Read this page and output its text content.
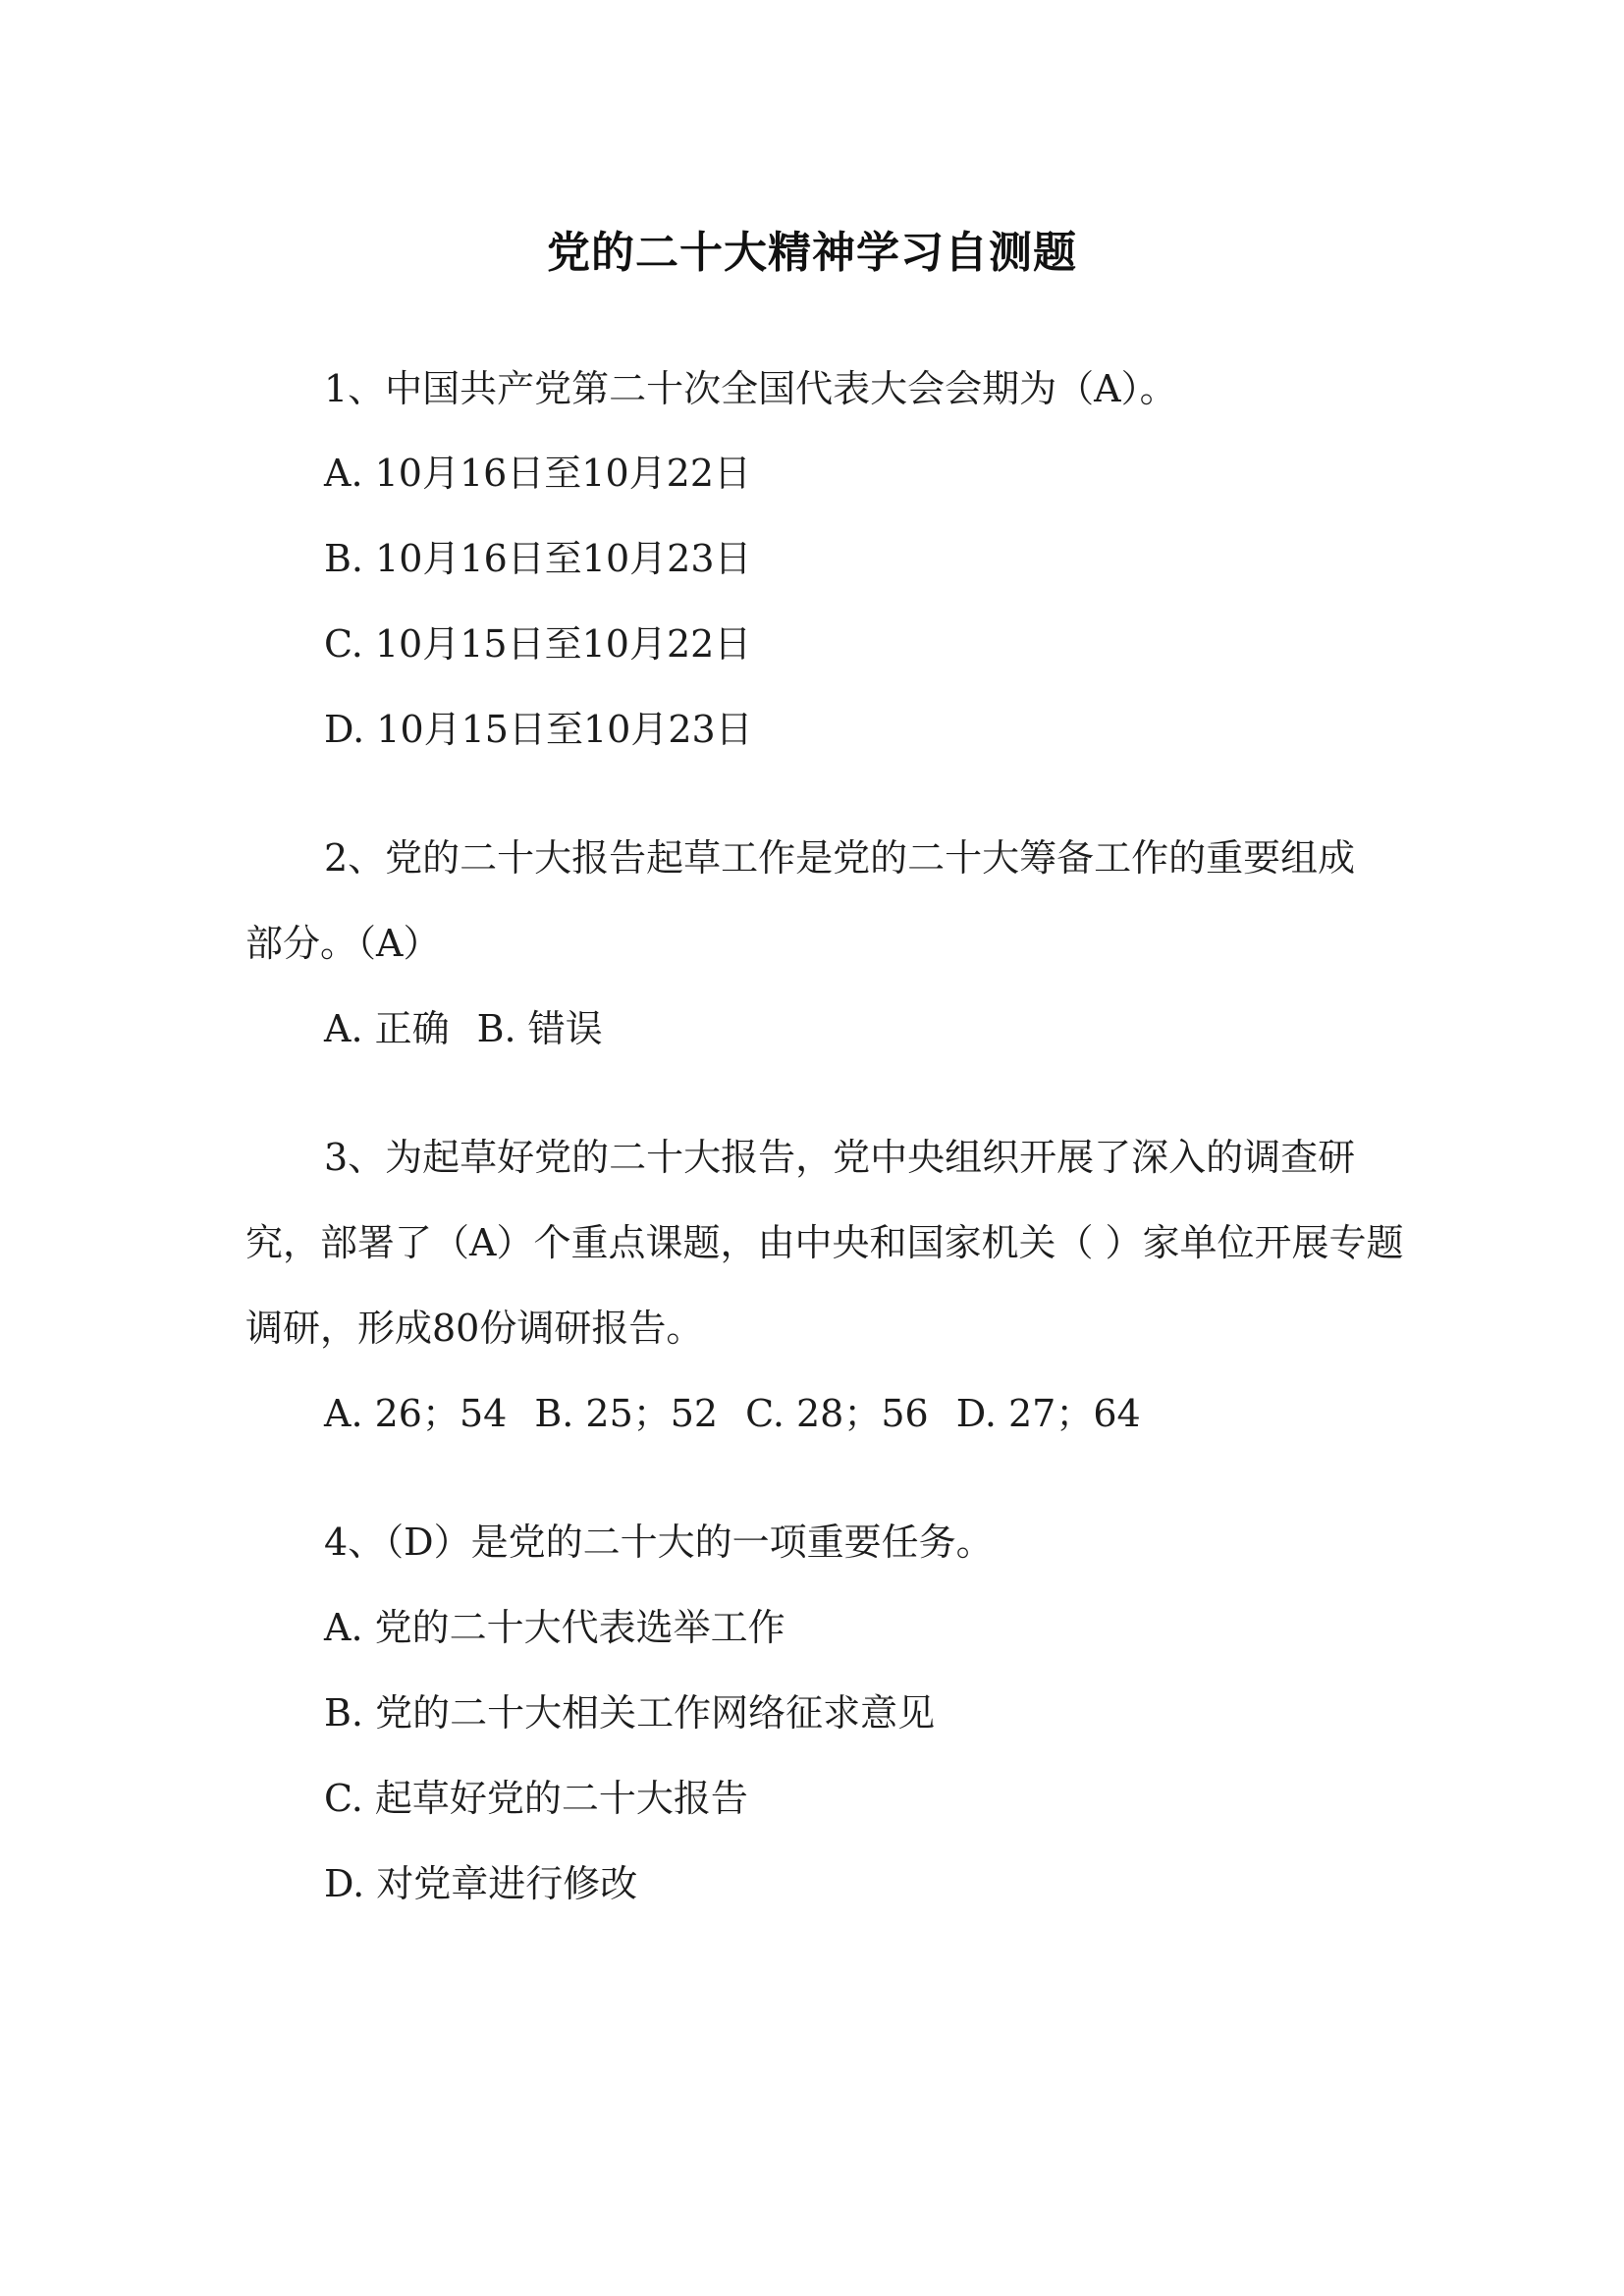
党的二十大精神学习自测题
1、中国共产党第二十次全国代表大会会期为（A）。
A. 10月16日至10月22日
B. 10月16日至10月23日
C. 10月15日至10月22日
D. 10月15日至10月23日
2、党的二十大报告起草工作是党的二十大筹备工作的重要组成
部分。（A）
A. 正确 B. 错误
3、为起草好党的二十大报告，党中央组织开展了深入的调查研
究，部署了（A）个重点课题，由中央和国家机关（ ）家单位开展专题
调研，形成80份调研报告。
A. 26；54 B. 25；52 C. 28；56 D. 27；64
4、（D）是党的二十大的一项重要任务。
A. 党的二十大代表选举工作
B. 党的二十大相关工作网络征求意见
C. 起草好党的二十大报告
D. 对党章进行修改
